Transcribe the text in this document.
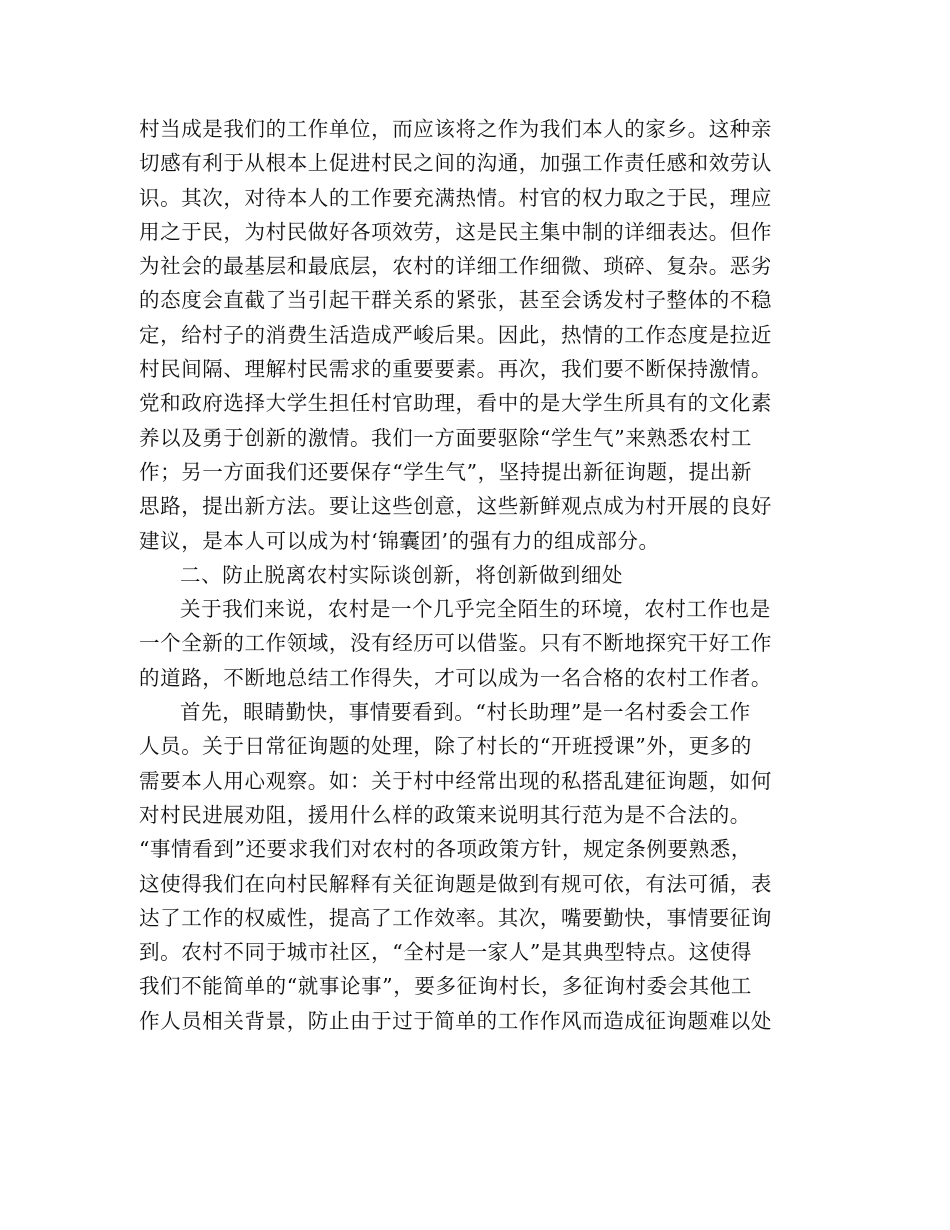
村当成是我们的工作单位，而应该将之作为我们本人的家乡。这种亲
切感有利于从根本上促进村民之间的沟通，加强工作责任感和效劳认
识。其次，对待本人的工作要充满热情。村官的权力取之于民，理应
用之于民，为村民做好各项效劳，这是民主集中制的详细表达。但作
为社会的最基层和最底层，农村的详细工作细微、琐碎、复杂。恶劣
的态度会直截了当引起干群关系的紧张，甚至会诱发村子整体的不稳
定，给村子的消费生活造成严峻后果。因此，热情的工作态度是拉近
村民间隔、理解村民需求的重要要素。再次，我们要不断保持激情。
党和政府选择大学生担任村官助理，看中的是大学生所具有的文化素
养以及勇于创新的激情。我们一方面要驱除“学生气”来熟悉农村工
作；另一方面我们还要保存“学生气”，坚持提出新征询题，提出新
思路，提出新方法。要让这些创意，这些新鲜观点成为村开展的良好
建议，是本人可以成为村‘锦囊团’的强有力的组成部分。
二、防止脱离农村实际谈创新，将创新做到细处
关于我们来说，农村是一个几乎完全陌生的环境，农村工作也是
一个全新的工作领域，没有经历可以借鉴。只有不断地探究干好工作
的道路，不断地总结工作得失，才可以成为一名合格的农村工作者。
首先，眼睛勤快，事情要看到。“村长助理”是一名村委会工作
人员。关于日常征询题的处理，除了村长的“开班授课”外，更多的
需要本人用心观察。如：关于村中经常出现的私搭乱建征询题，如何
对村民进展劝阻，援用什么样的政策来说明其行范为是不合法的。
“事情看到”还要求我们对农村的各项政策方针，规定条例要熟悉，
这使得我们在向村民解释有关征询题是做到有规可依，有法可循，表
达了工作的权威性，提高了工作效率。其次，嘴要勤快，事情要征询
到。农村不同于城市社区，“全村是一家人”是其典型特点。这使得
我们不能简单的“就事论事”，要多征询村长，多征询村委会其他工
作人员相关背景，防止由于过于简单的工作作风而造成征询题难以处
